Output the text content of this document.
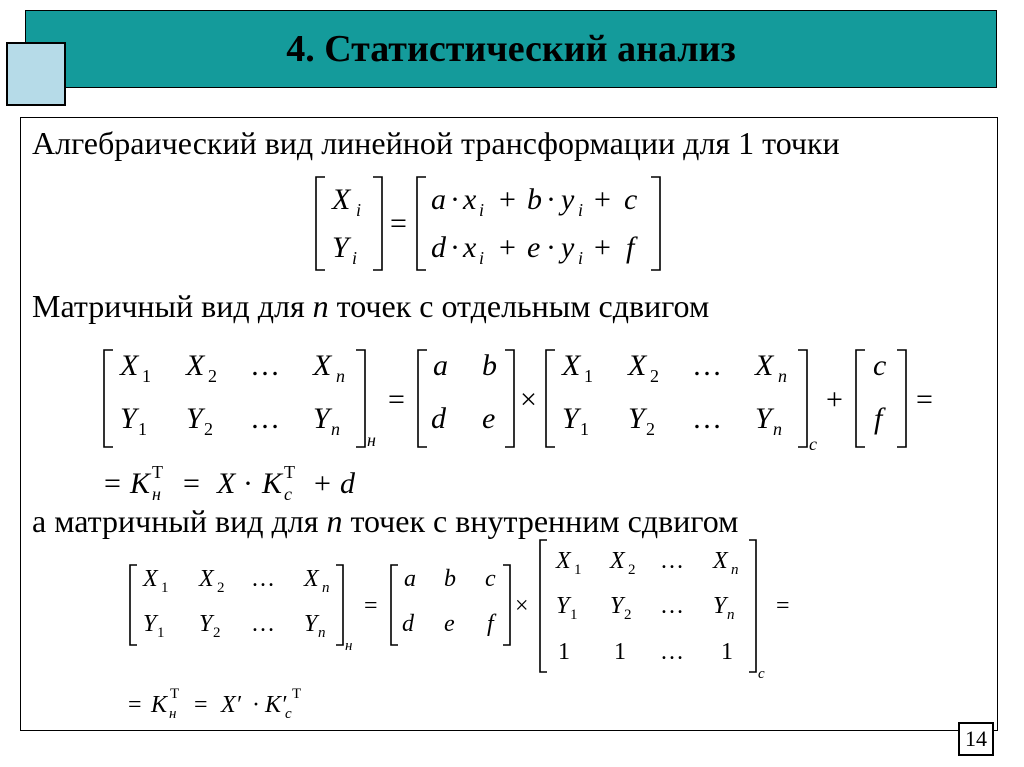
4. Статистический анализ
Алгебраический вид линейной трансформации для 1 точки
Матричный вид для n точек с отдельным сдвигом
а матричный вид для n точек с внутренним сдвигом
X i
Y i
=
a · x i + b · y i + c
d · x i + e · y i + f
X 1 X 2 … X n
Y 1 Y 2 … Y n
н
=
a b
d e
×
X 1 X 2 … X n
Y 1 Y 2 … Y n
с
+
c
f
=
= K н
T = X · K с
T + d
X 1 X 2 … X n
Y 1 Y 2 … Y n
н
=
a b c
d e f
×
X 1 X 2 … X n
Y 1 Y 2 … Y n
1 1 … 1
с
=
= K н
T = X′ · K′
с
T
14
